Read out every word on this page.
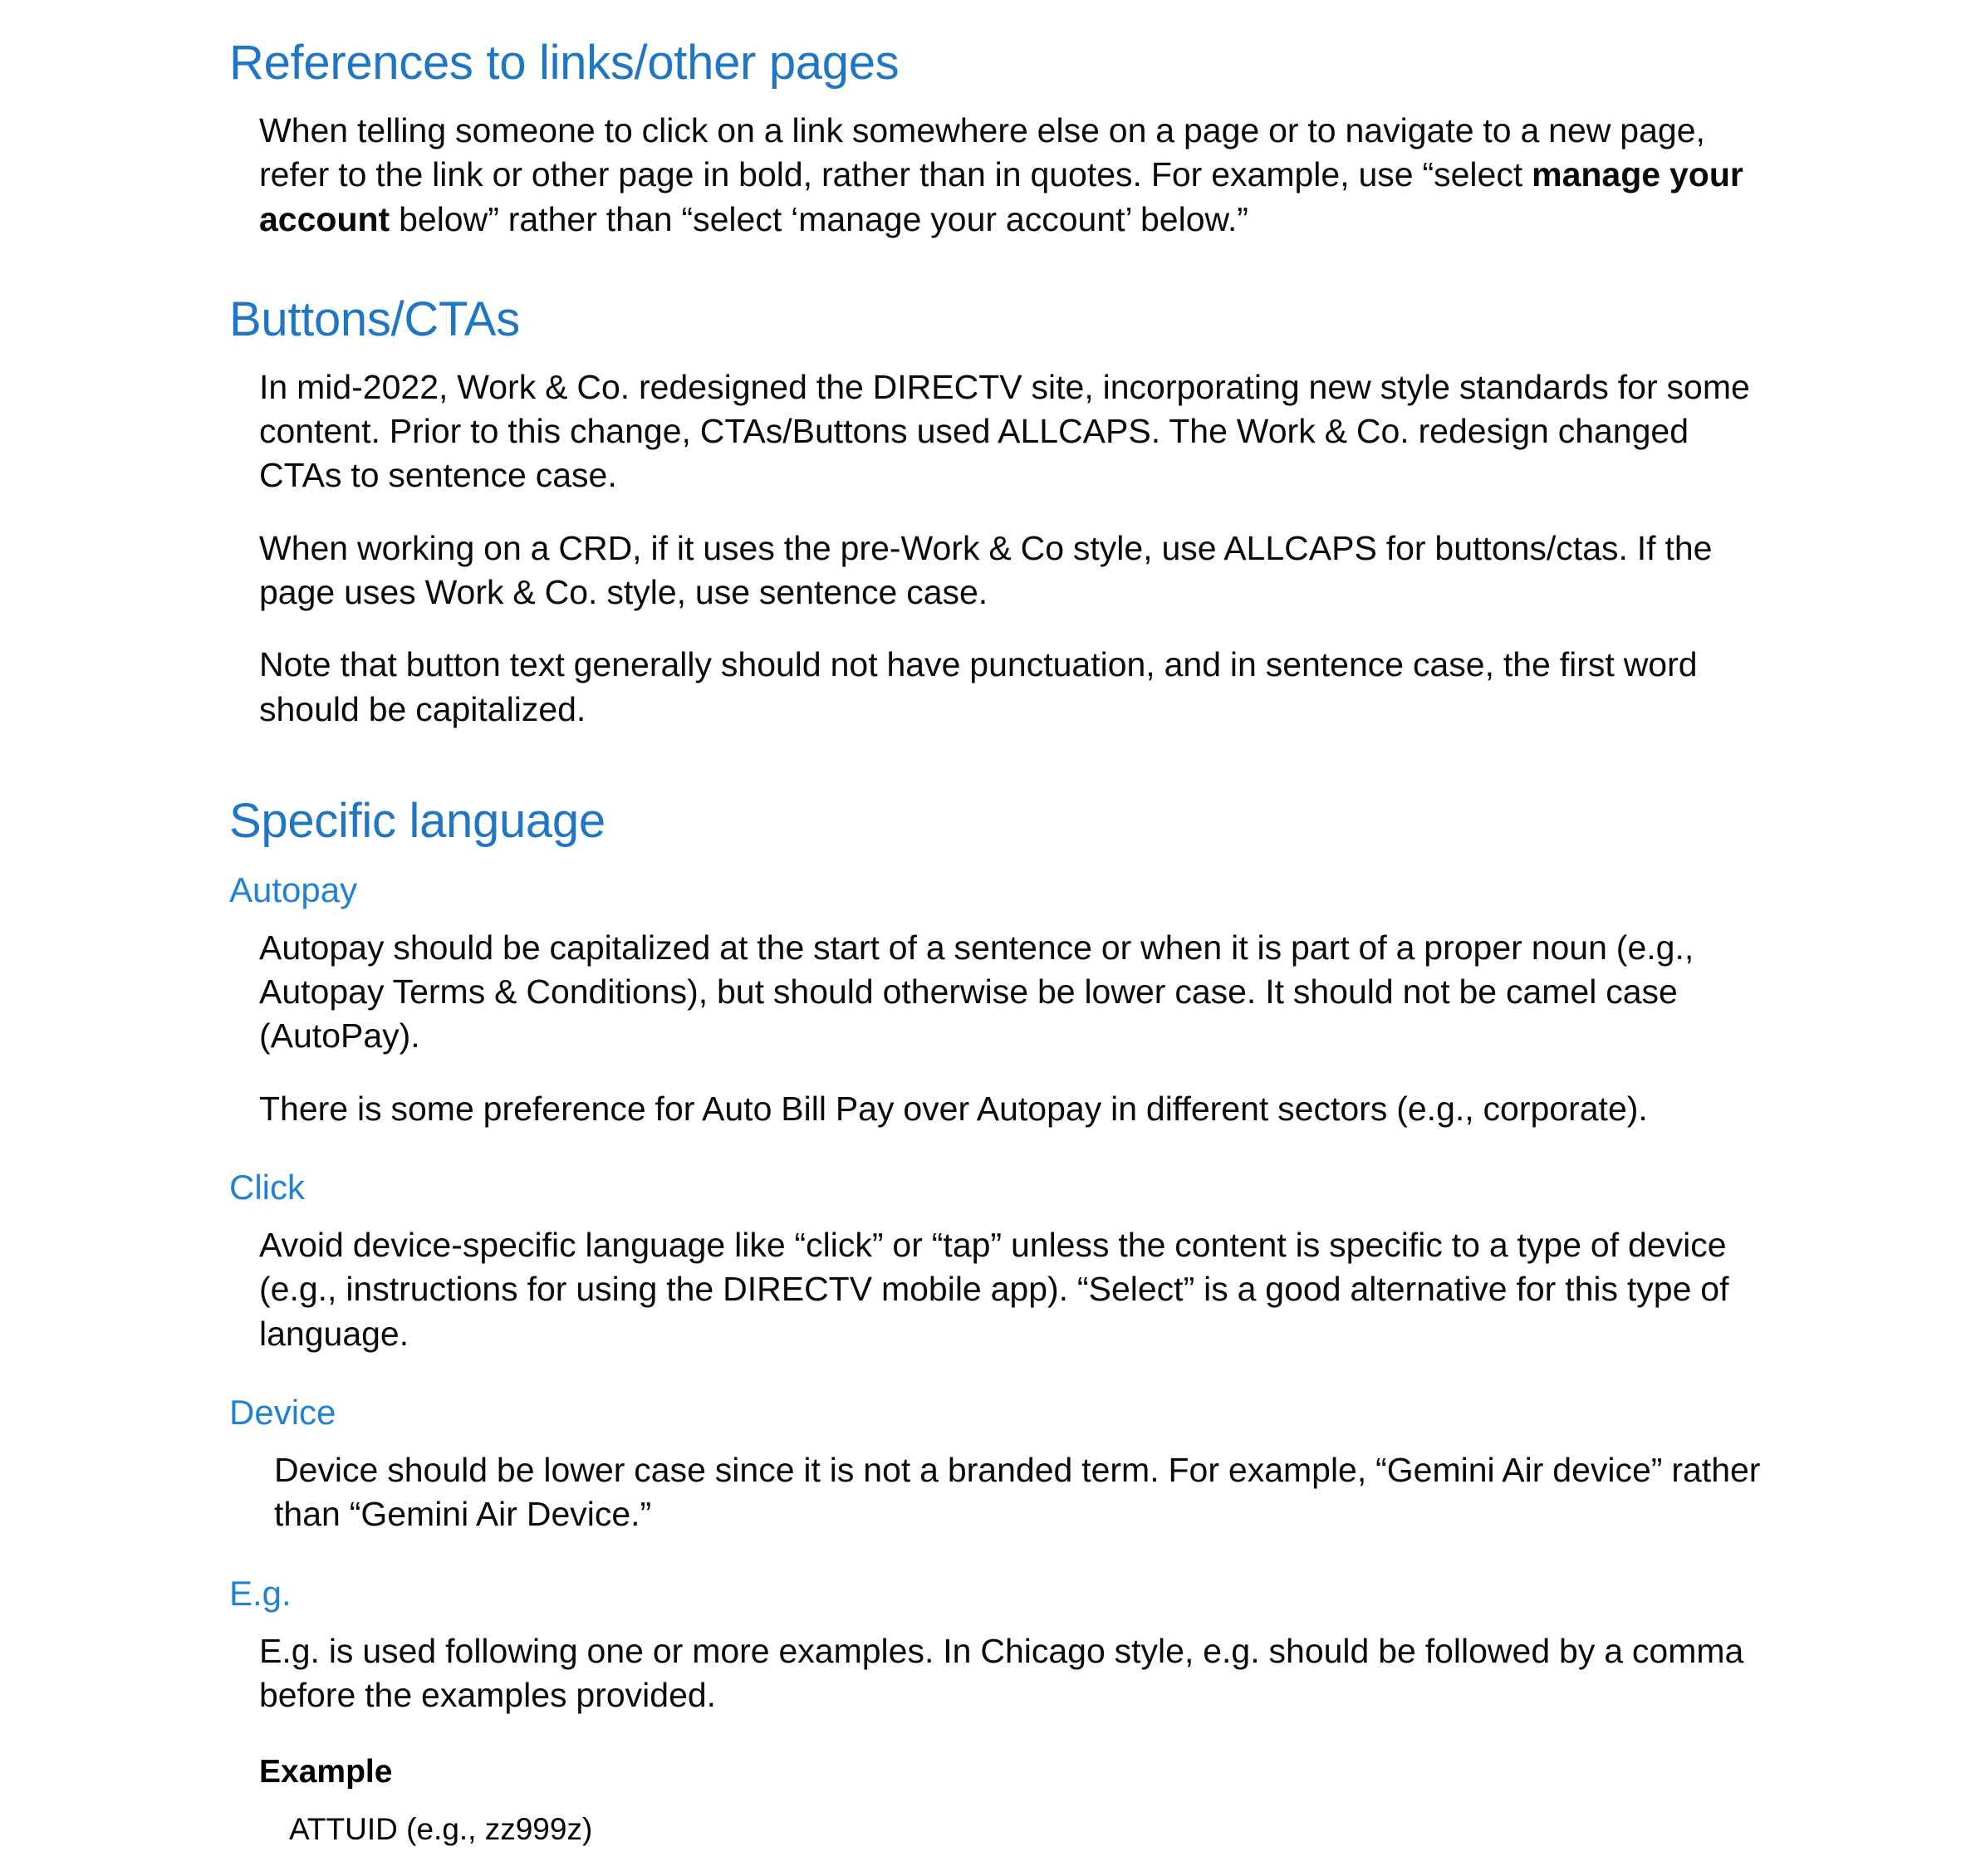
References to links/other pages

When telling someone to click on a link somewhere else on a page or to navigate to a new page, refer to the link or other page in bold, rather than in quotes. For example, use “select manage your account below” rather than “select ‘manage your account’ below.”

Buttons/CTAs

In mid-2022, Work & Co. redesigned the DIRECTV site, incorporating new style standards for some content. Prior to this change, CTAs/Buttons used ALLCAPS. The Work & Co. redesign changed CTAs to sentence case.

When working on a CRD, if it uses the pre-Work & Co style, use ALLCAPS for buttons/ctas. If the page uses Work & Co. style, use sentence case.

Note that button text generally should not have punctuation, and in sentence case, the first word should be capitalized.

Specific language
Autopay

Autopay should be capitalized at the start of a sentence or when it is part of a proper noun (e.g., Autopay Terms & Conditions), but should otherwise be lower case. It should not be camel case (AutoPay).

There is some preference for Auto Bill Pay over Autopay in different sectors (e.g., corporate).

Click

Avoid device-specific language like “click” or “tap” unless the content is specific to a type of device (e.g., instructions for using the DIRECTV mobile app). “Select” is a good alternative for this type of language.

Device

Device should be lower case since it is not a branded term. For example, “Gemini Air device” rather than “Gemini Air Device.”

E.g.

E.g. is used following one or more examples. In Chicago style, e.g. should be followed by a comma before the examples provided.

Example

ATTUID (e.g., zz999z)
